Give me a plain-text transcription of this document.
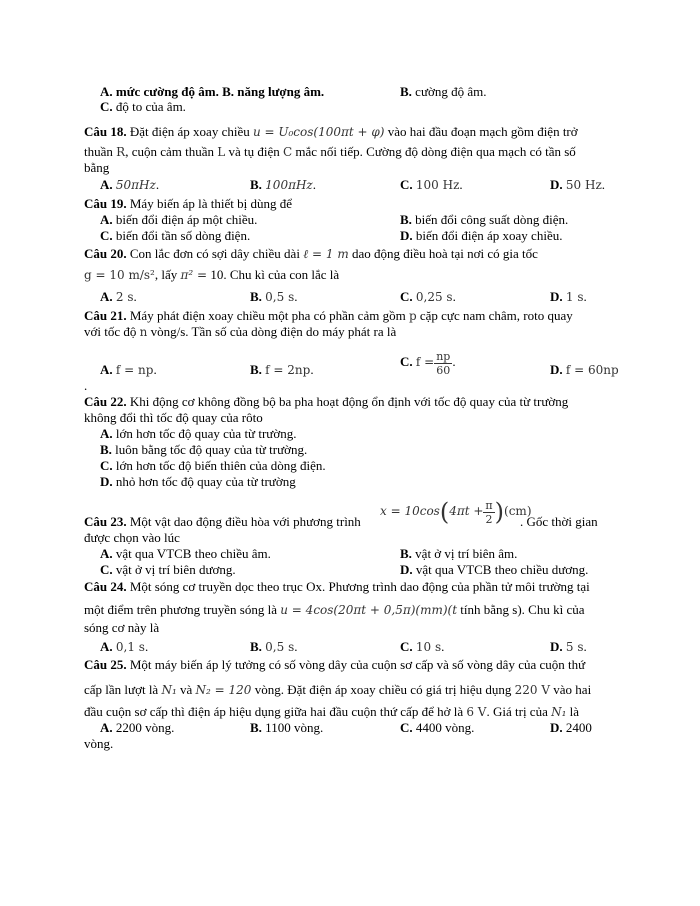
A. mức cường độ âm. B. năng lượng âm.	B. cường độ âm.
C. độ to của âm.
Câu 18. Đặt điện áp xoay chiều u = U₀cos(100πt + φ) vào hai đầu đoạn mạch gồm điện trở
thuần R, cuộn cảm thuần L và tụ điện C mắc nối tiếp. Cường độ dòng điện qua mạch có tần số
bằng
A. 50πHz.	B. 100πHz.	C. 100 Hz.	D. 50 Hz.
Câu 19. Máy biến áp là thiết bị dùng để
A. biến đổi điện áp một chiều.	B. biến đổi công suất dòng điện.
C. biến đổi tần số dòng điện.	D. biến đổi điện áp xoay chiều.
Câu 20. Con lắc đơn có sợi dây chiều dài ℓ = 1 m dao động điều hoà tại nơi có gia tốc
g = 10 m/s², lấy π² = 10. Chu kì của con lắc là
A. 2 s.	B. 0,5 s.	C. 0,25 s.	D. 1 s.
Câu 21. Máy phát điện xoay chiều một pha có phần cảm gồm p cặp cực nam châm, roto quay
với tốc độ n vòng/s. Tần số của dòng điện do máy phát ra là
A. f = np.	B. f = 2np.
C. $f = \frac{np}{60}$ .
D. f = 60np
.
Câu 22. Khi động cơ không đồng bộ ba pha hoạt động ổn định với tốc độ quay của từ trường
không đổi thì tốc độ quay của rôto
A. lớn hơn tốc độ quay của từ trường.
B. luôn bằng tốc độ quay của từ trường.
C. lớn hơn tốc độ biến thiên của dòng điện.
D. nhỏ hơn tốc độ quay của từ trường
Câu 23. Một vật dao động điều hòa với phương trình
$x = 10\cos(4\pi t + \frac{\pi}{2} )(cm)$
. Gốc thời gian
được chọn vào lúc
A. vật qua VTCB theo chiều âm.	B. vật ở vị trí biên âm.
C. vật ở vị trí biên dương.	D. vật qua VTCB theo chiều dương.
Câu 24. Một sóng cơ truyền dọc theo trục Ox. Phương trình dao động của phần tử môi trường tại
một điểm trên phương truyền sóng là u = 4cos(20πt + 0,5π)(mm)(t tính bằng s). Chu kì của
sóng cơ này là
A. 0,1 s.	B. 0,5 s.	C. 10 s.	D. 5 s.
Câu 25. Một máy biến áp lý tưởng có số vòng dây của cuộn sơ cấp và số vòng dây của cuộn thứ
cấp lần lượt là N₁ và N₂ = 120 vòng. Đặt điện áp xoay chiều có giá trị hiệu dụng 220 V vào hai
đầu cuộn sơ cấp thì điện áp hiệu dụng giữa hai đầu cuộn thứ cấp để hở là 6 V. Giá trị của N₁ là
A. 2200 vòng.	B. 1100 vòng.	C. 4400 vòng.	D. 2400
vòng.
